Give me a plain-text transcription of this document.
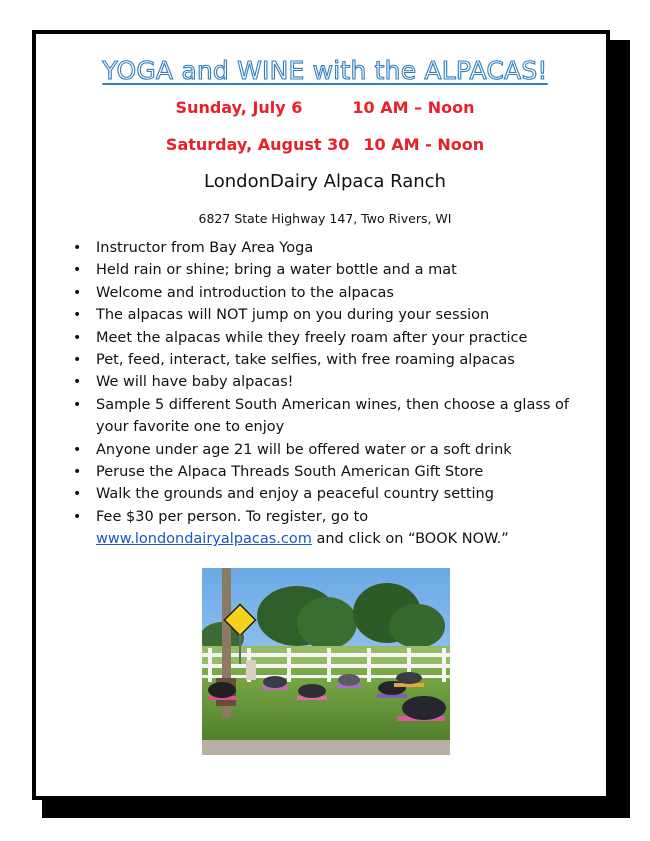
YOGA and WINE with the ALPACAS!
Sunday, July 6	10 AM – Noon
Saturday, August 30 10 AM - Noon
LondonDairy Alpaca Ranch
6827 State Highway 147, Two Rivers, WI
• Instructor from Bay Area Yoga
• Held rain or shine; bring a water bottle and a mat
• Welcome and introduction to the alpacas
• The alpacas will NOT jump on you during your session
• Meet the alpacas while they freely roam after your practice
• Pet, feed, interact, take selfies, with free roaming alpacas
• We will have baby alpacas!
• Sample 5 different South American wines, then choose a glass of your favorite one to enjoy
• Anyone under age 21 will be offered water or a soft drink
• Peruse the Alpaca Threads South American Gift Store
• Walk the grounds and enjoy a peaceful country setting
• Fee $30 per person. To register, go to www.londondairyalpacas.com and click on “BOOK NOW.”
